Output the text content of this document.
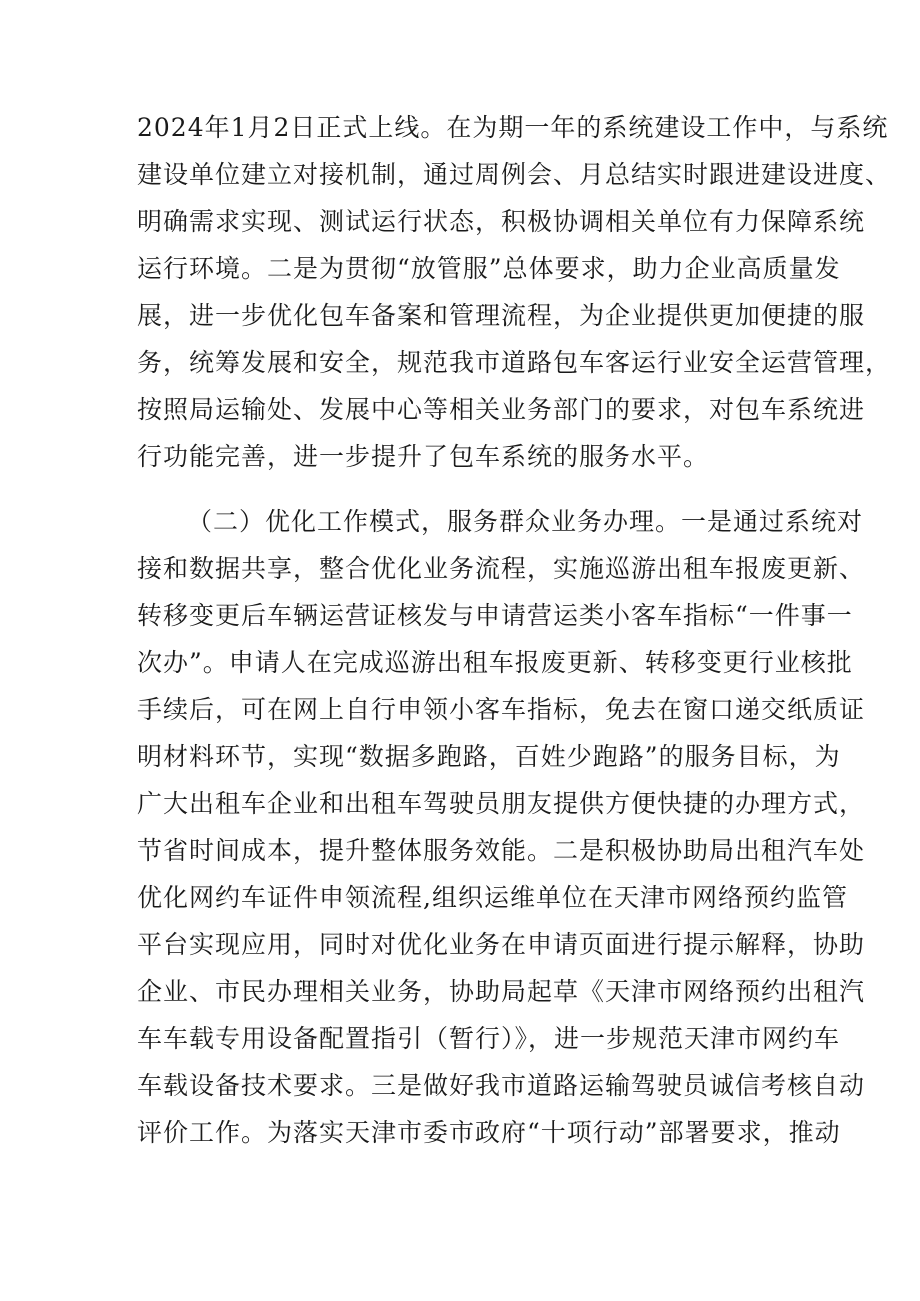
2024年1月2日正式上线。在为期一年的系统建设工作中，与系统
建设单位建立对接机制，通过周例会、月总结实时跟进建设进度、
明确需求实现、测试运行状态，积极协调相关单位有力保障系统
运行环境。二是为贯彻“放管服”总体要求，助力企业高质量发
展，进一步优化包车备案和管理流程，为企业提供更加便捷的服
务，统筹发展和安全，规范我市道路包车客运行业安全运营管理，
按照局运输处、发展中心等相关业务部门的要求，对包车系统进
行功能完善，进一步提升了包车系统的服务水平。
（二）优化工作模式，服务群众业务办理。一是通过系统对
接和数据共享，整合优化业务流程，实施巡游出租车报废更新、
转移变更后车辆运营证核发与申请营运类小客车指标“一件事一
次办”。申请人在完成巡游出租车报废更新、转移变更行业核批
手续后，可在网上自行申领小客车指标，免去在窗口递交纸质证
明材料环节，实现“数据多跑路，百姓少跑路”的服务目标，为
广大出租车企业和出租车驾驶员朋友提供方便快捷的办理方式，
节省时间成本，提升整体服务效能。二是积极协助局出租汽车处
优化网约车证件申领流程,组织运维单位在天津市网络预约监管
平台实现应用，同时对优化业务在申请页面进行提示解释，协助
企业、市民办理相关业务，协助局起草《天津市网络预约出租汽
车车载专用设备配置指引（暂行）》，进一步规范天津市网约车
车载设备技术要求。三是做好我市道路运输驾驶员诚信考核自动
评价工作。为落实天津市委市政府“十项行动”部署要求，推动
